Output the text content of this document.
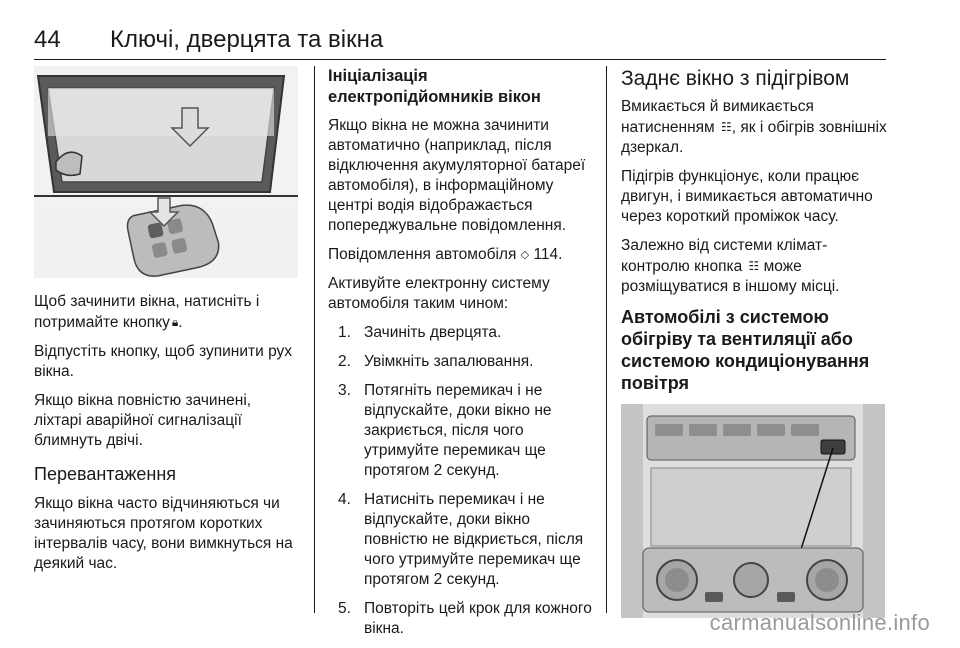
44	Ключі, дверцята та вікна

Щоб зачинити вікна, натисніть і потримайте кнопку 🔒︎.

Відпустіть кнопку, щоб зупинити рух вікна.

Якщо вікна повністю зачинені, ліхтарі аварійної сигналізації блимнуть двічі.

Перевантаження

Якщо вікна часто відчиняються чи зачиняються протягом коротких інтервалів часу, вони вимкнуться на деякий час.

Ініціалізація електропідйомників вікон

Якщо вікна не можна зачинити автоматично (наприклад, після відключення акумуляторної батареї автомобіля), в інформаційному центрі водія відображається попереджувальне повідомлення.

Повідомлення автомобіля ◇ 114.

Активуйте електронну систему автомобіля таким чином:

1. Зачиніть дверцята.
2. Увімкніть запалювання.
3. Потягніть перемикач і не відпускайте, доки вікно не закриється, після чого утримуйте перемикач ще протягом 2 секунд.
4. Натисніть перемикач і не відпускайте, доки вікно повністю не відкриється, після чого утримуйте перемикач ще протягом 2 секунд.
5. Повторіть цей крок для кожного вікна.
Заднє вікно з підігрівом

Вмикається й вимикається натисненням ☷, як і обігрів зовнішніх дзеркал.

Підігрів функціонує, коли працює двигун, і вимикається автоматично через короткий проміжок часу.

Залежно від системи клімат-контролю кнопка ☷ може розміщуватися в іншому місці.

Автомобілі з системою обігріву та вентиляції або системою кондиціонування повітря
carmanualsonline.info
